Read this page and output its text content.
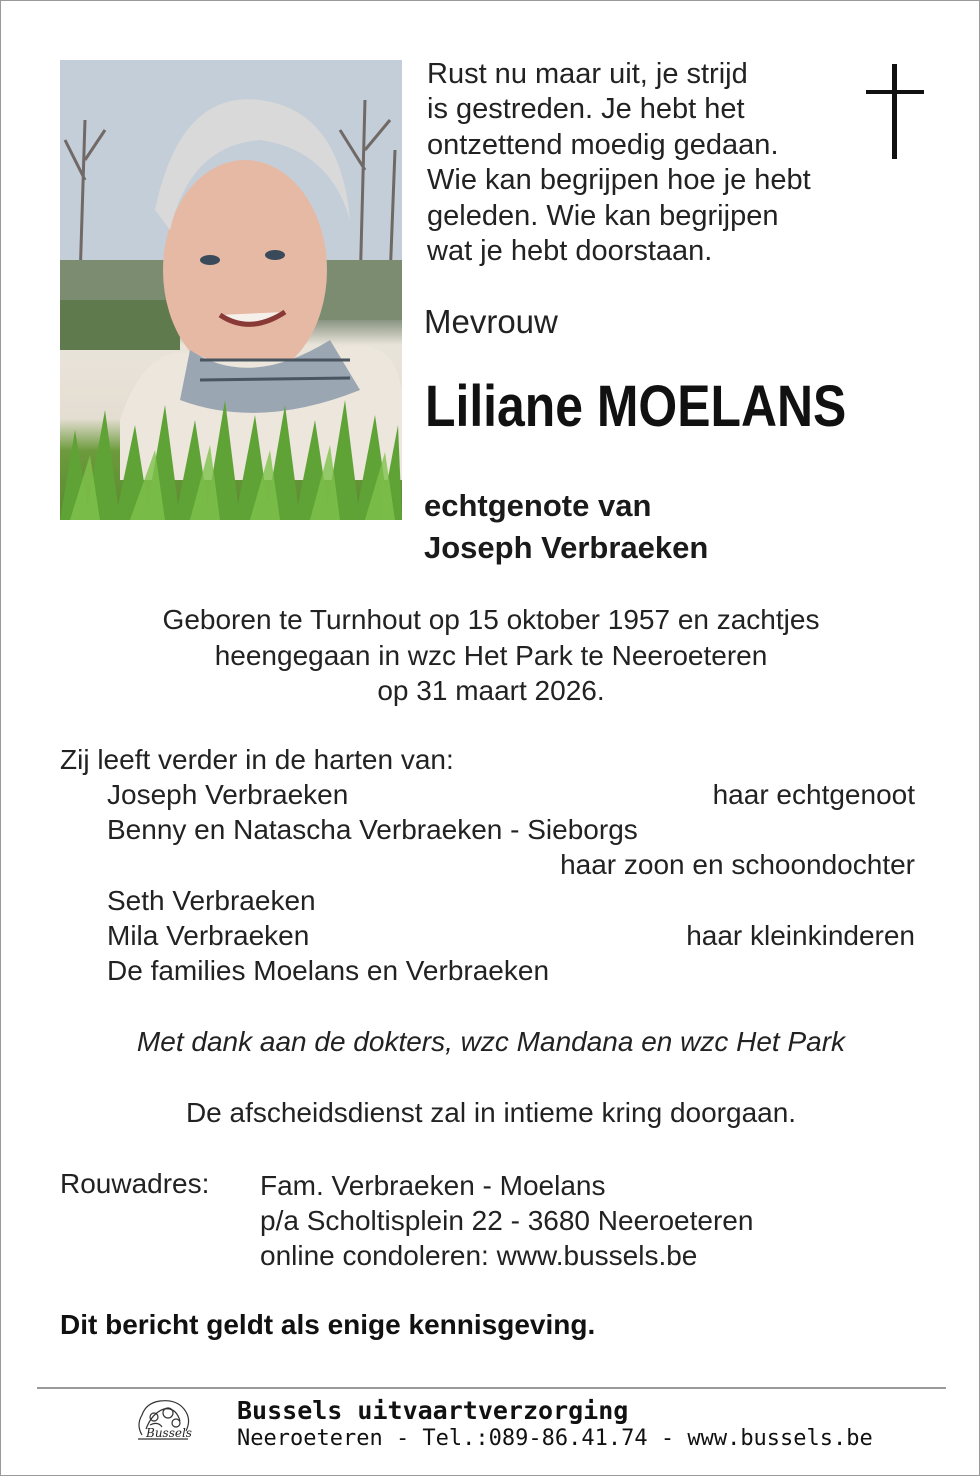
Rust nu maar uit, je strijd
is gestreden. Je hebt het
ontzettend moedig gedaan.
Wie kan begrijpen hoe je hebt
geleden. Wie kan begrijpen
wat je hebt doorstaan.

Mevrouw

Liliane MOELANS
echtgenote van
Joseph Verbraeken
Geboren te Turnhout op 15 oktober 1957 en zachtjes
heengegaan in wzc Het Park te Neeroeteren
op 31 maart 2026.
Zij leeft verder in de harten van:
Joseph Verbraeken	haar echtgenoot
Benny en Natascha Verbraeken - Sieborgs
haar zoon en schoondochter
Seth Verbraeken
Mila Verbraeken	haar kleinkinderen
De families Moelans en Verbraeken

Met dank aan de dokters, wzc Mandana en wzc Het Park

De afscheidsdienst zal in intieme kring doorgaan.

Rouwadres: Fam. Verbraeken - Moelans
p/a Scholtisplein 22 - 3680 Neeroeteren
online condoleren: www.bussels.be

Dit bericht geldt als enige kennisgeving.

Bussels
Bussels uitvaartverzorging
Neeroeteren - Tel.:089-86.41.74 - www.bussels.be
